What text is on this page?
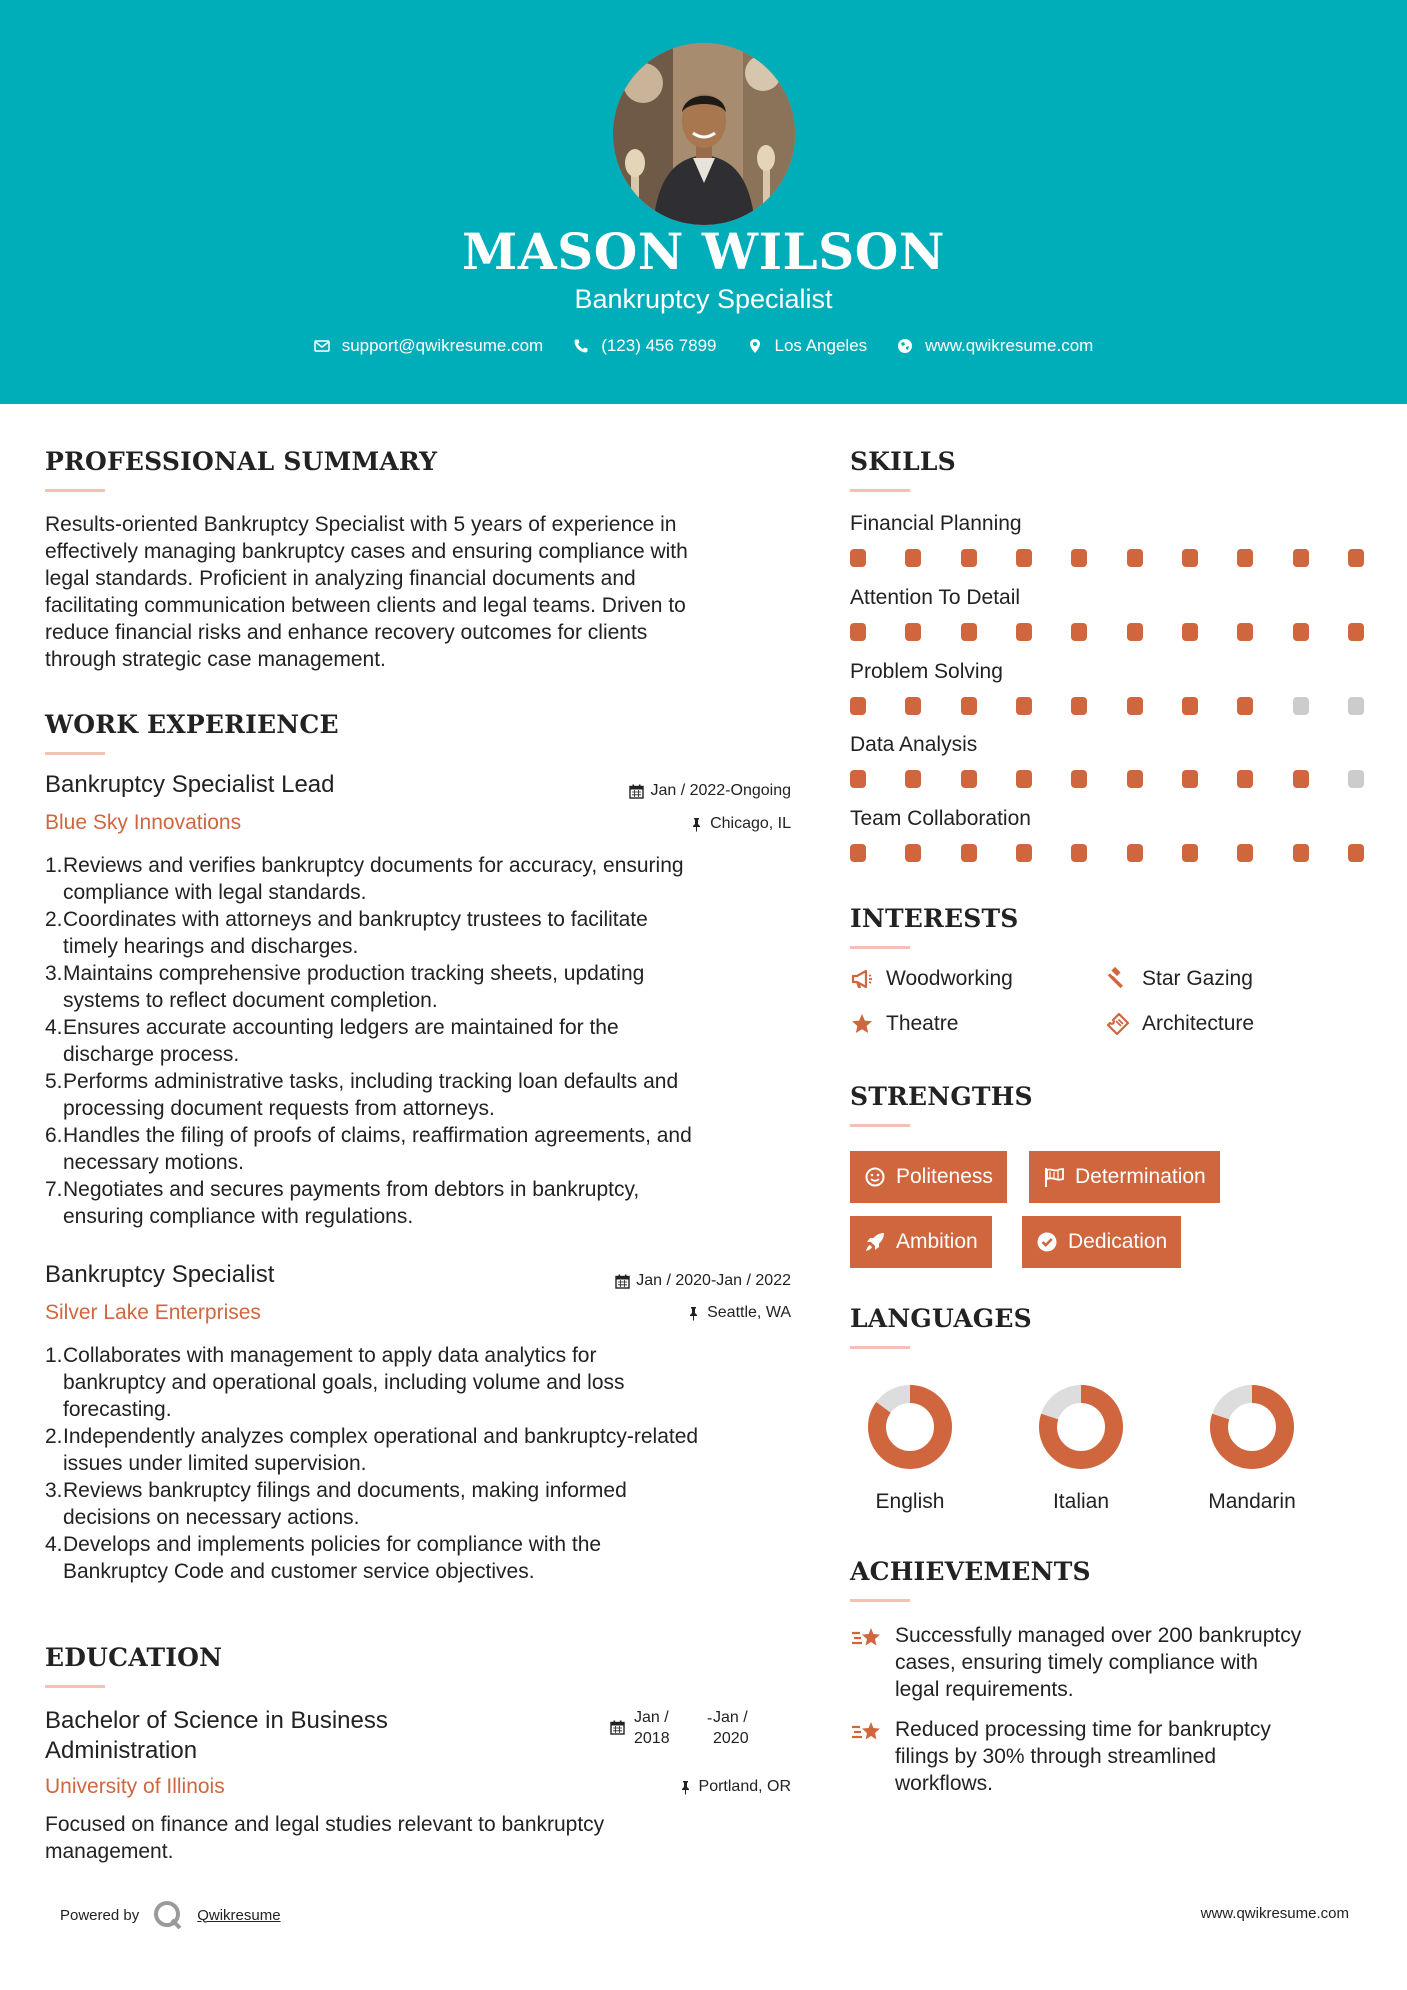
MASON WILSON
Bankruptcy Specialist
support@qwikresume.com	(123) 456 7899	Los Angeles	www.qwikresume.com
PROFESSIONAL SUMMARY
Results-oriented Bankruptcy Specialist with 5 years of experience in
effectively managing bankruptcy cases and ensuring compliance with
legal standards. Proficient in analyzing financial documents and
facilitating communication between clients and legal teams. Driven to
reduce financial risks and enhance recovery outcomes for clients
through strategic case management.
WORK EXPERIENCE
Bankruptcy Specialist Lead	Jan / 2022-Ongoing
Blue Sky Innovations	Chicago, IL
1. Reviews and verifies bankruptcy documents for accuracy, ensuring
compliance with legal standards.
2. Coordinates with attorneys and bankruptcy trustees to facilitate
timely hearings and discharges.
3. Maintains comprehensive production tracking sheets, updating
systems to reflect document completion.
4. Ensures accurate accounting ledgers are maintained for the
discharge process.
5. Performs administrative tasks, including tracking loan defaults and
processing document requests from attorneys.
6. Handles the filing of proofs of claims, reaffirmation agreements, and
necessary motions.
7. Negotiates and secures payments from debtors in bankruptcy,
ensuring compliance with regulations.
Bankruptcy Specialist	Jan / 2020-Jan / 2022
Silver Lake Enterprises	Seattle, WA
1. Collaborates with management to apply data analytics for
bankruptcy and operational goals, including volume and loss
forecasting.
2. Independently analyzes complex operational and bankruptcy-related
issues under limited supervision.
3. Reviews bankruptcy filings and documents, making informed
decisions on necessary actions.
4. Develops and implements policies for compliance with the
Bankruptcy Code and customer service objectives.
EDUCATION
Bachelor of Science in Business
Administration
Jan /
2018
- Jan /
2020
University of Illinois	Portland, OR
Focused on finance and legal studies relevant to bankruptcy
management.
SKILLS
Financial Planning
Attention To Detail
Problem Solving
Data Analysis
Team Collaboration
INTERESTS
Woodworking	Star Gazing
Theatre	Architecture
STRENGTHS
Politeness	Determination
Ambition	Dedication
LANGUAGES
English	Italian	Mandarin
ACHIEVEMENTS
Successfully managed over 200 bankruptcy
cases, ensuring timely compliance with
legal requirements.
Reduced processing time for bankruptcy
filings by 30% through streamlined
workflows.
Powered by	Qwikresume	www.qwikresume.com
